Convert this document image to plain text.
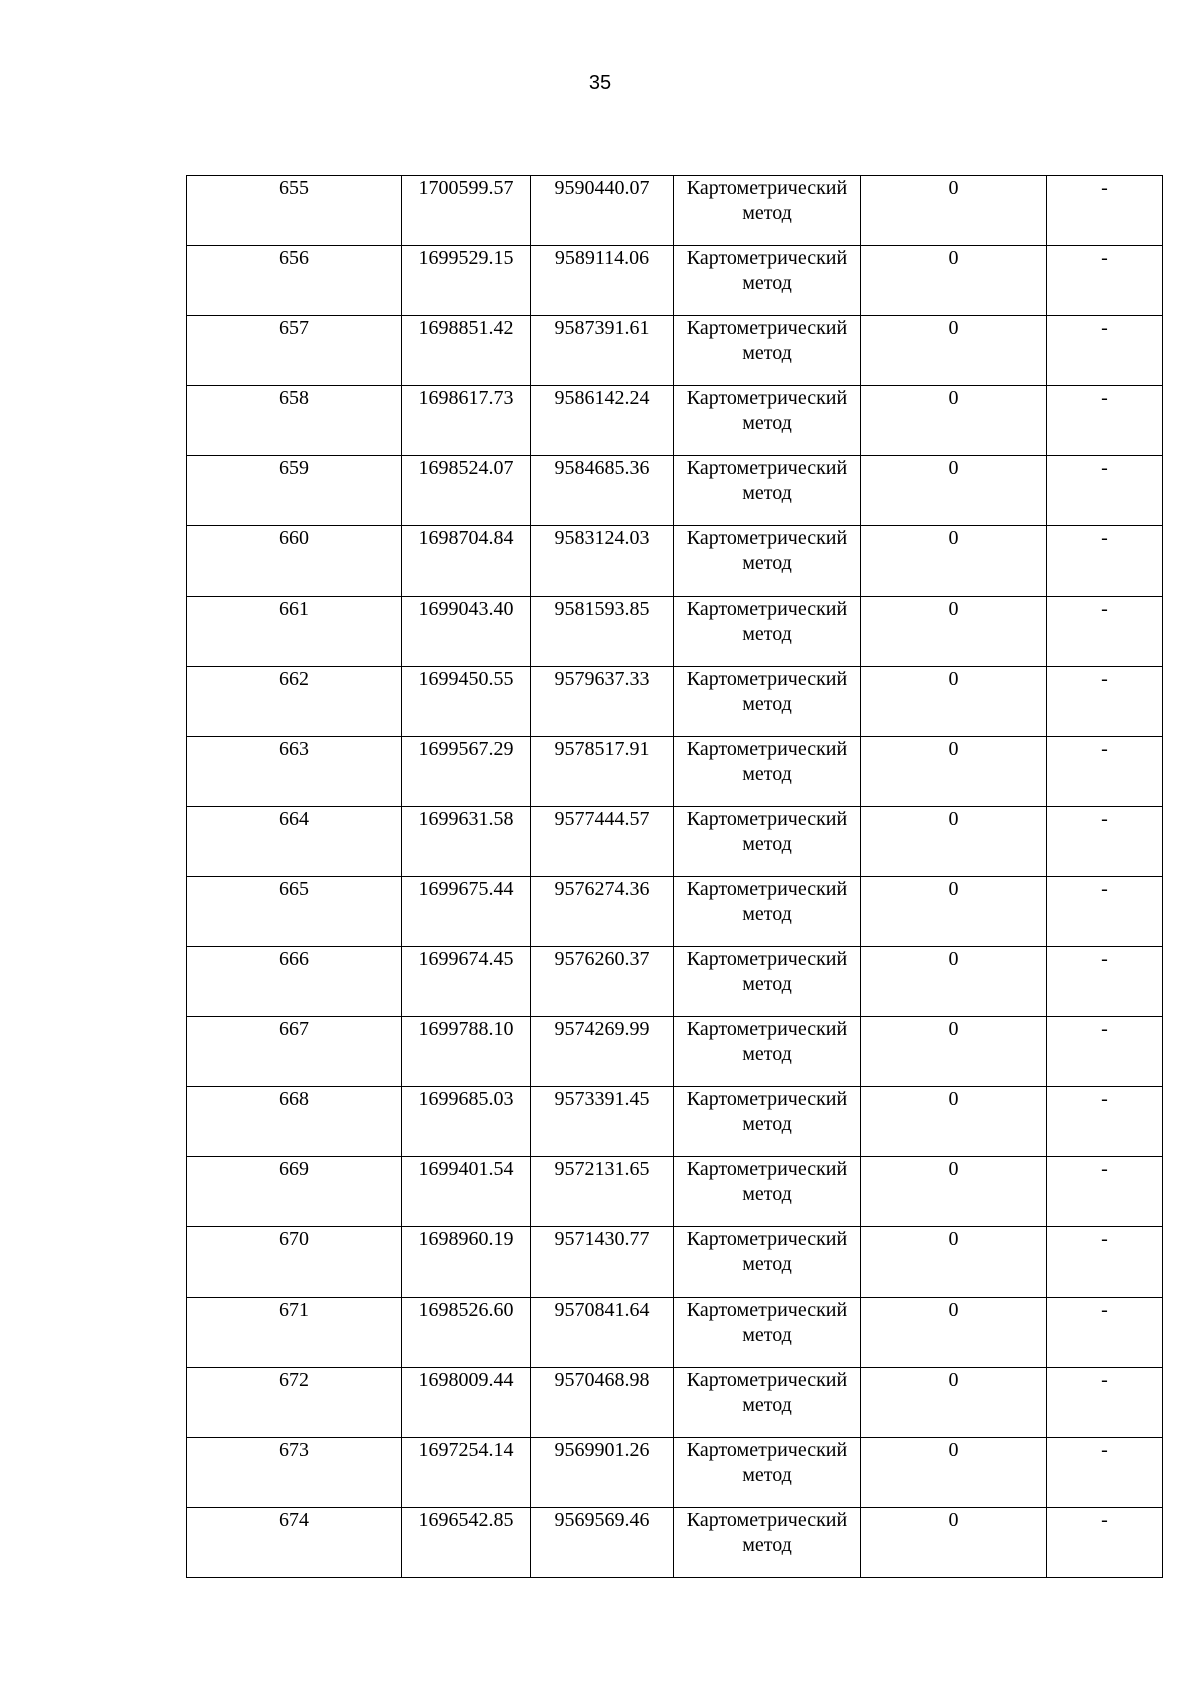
35
655	1700599.57	9590440.07	Картометрический метод	0	-
656	1699529.15	9589114.06	Картометрический метод	0	-
657	1698851.42	9587391.61	Картометрический метод	0	-
658	1698617.73	9586142.24	Картометрический метод	0	-
659	1698524.07	9584685.36	Картометрический метод	0	-
660	1698704.84	9583124.03	Картометрический метод	0	-
661	1699043.40	9581593.85	Картометрический метод	0	-
662	1699450.55	9579637.33	Картометрический метод	0	-
663	1699567.29	9578517.91	Картометрический метод	0	-
664	1699631.58	9577444.57	Картометрический метод	0	-
665	1699675.44	9576274.36	Картометрический метод	0	-
666	1699674.45	9576260.37	Картометрический метод	0	-
667	1699788.10	9574269.99	Картометрический метод	0	-
668	1699685.03	9573391.45	Картометрический метод	0	-
669	1699401.54	9572131.65	Картометрический метод	0	-
670	1698960.19	9571430.77	Картометрический метод	0	-
671	1698526.60	9570841.64	Картометрический метод	0	-
672	1698009.44	9570468.98	Картометрический метод	0	-
673	1697254.14	9569901.26	Картометрический метод	0	-
674	1696542.85	9569569.46	Картометрический метод	0	-
